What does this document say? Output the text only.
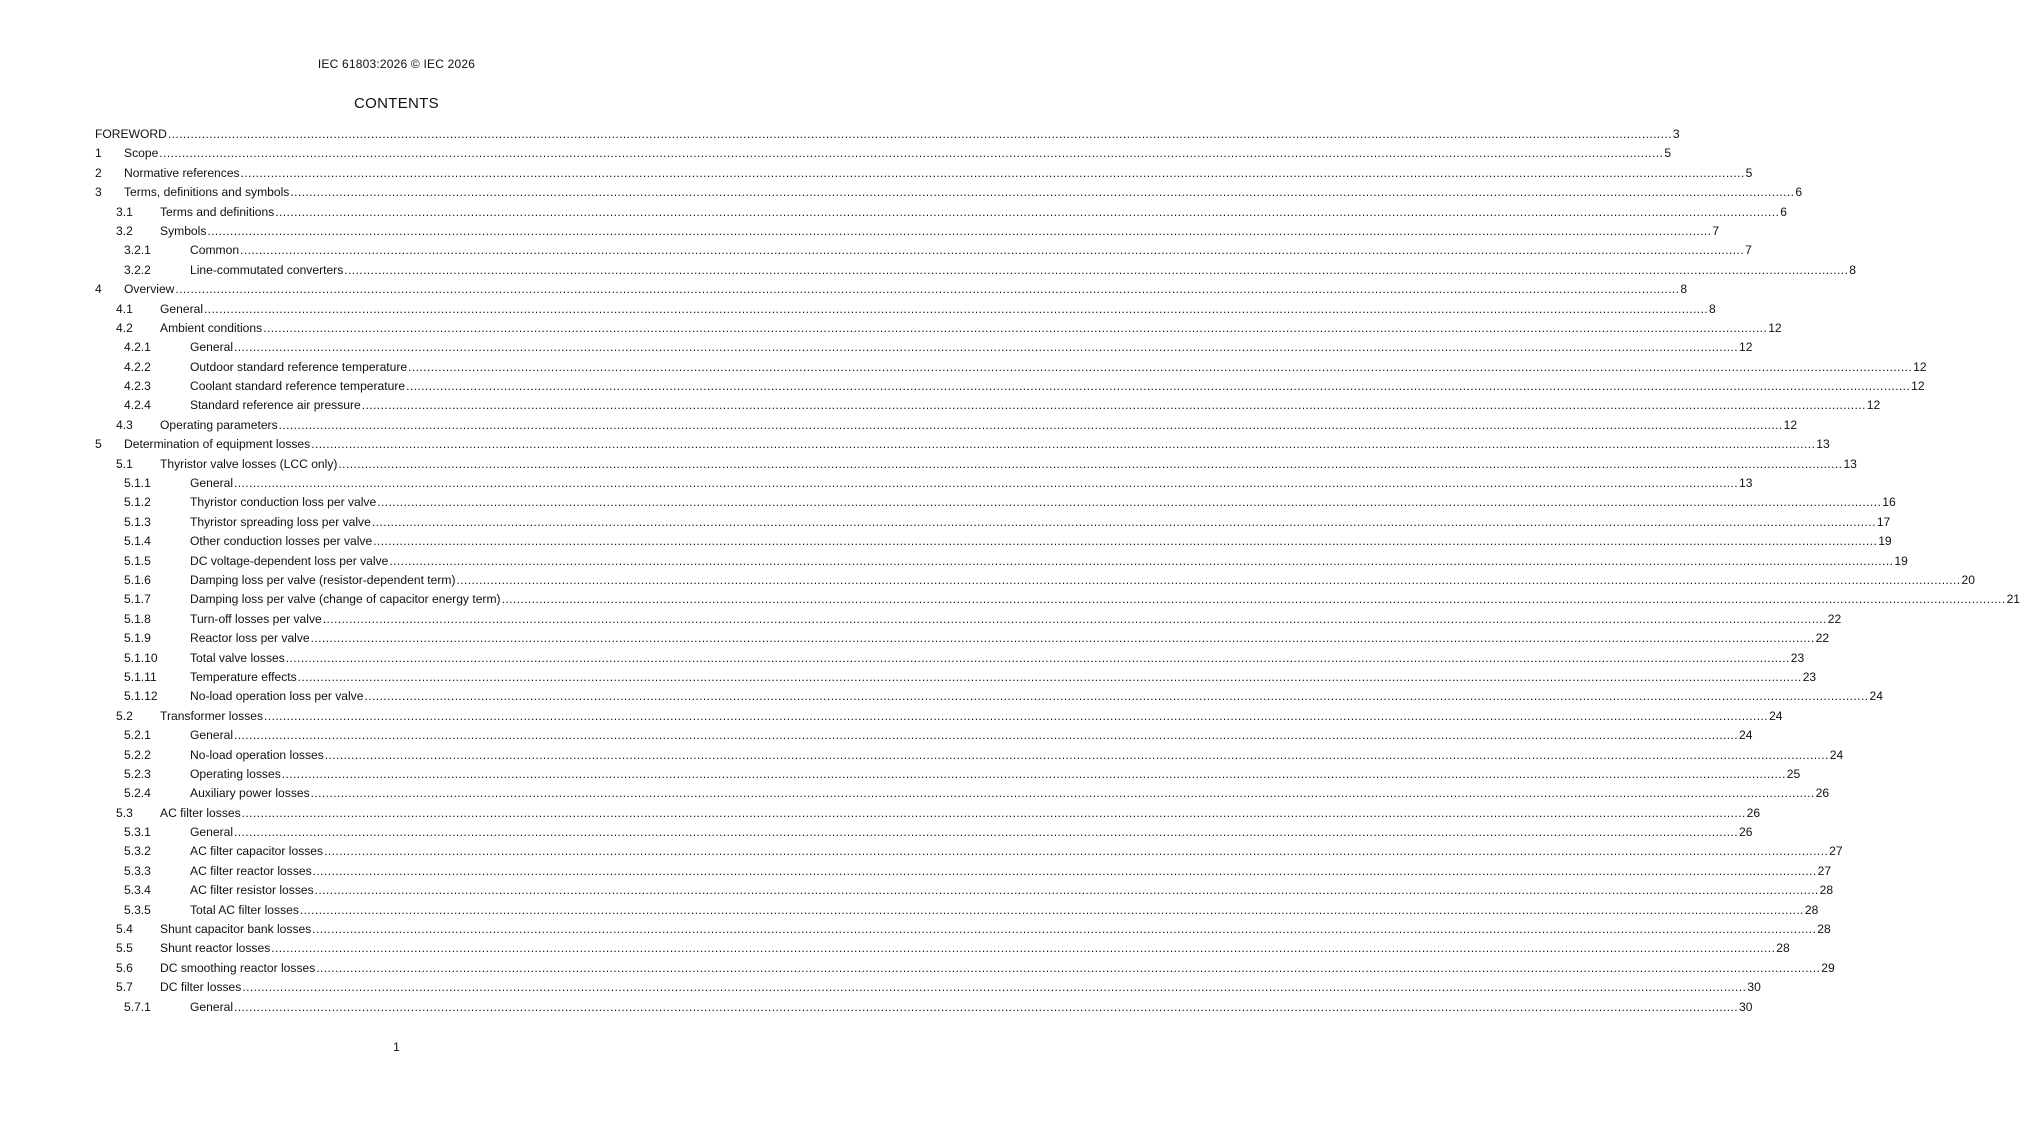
IEC 61803:2026 © IEC 2026
CONTENTS
FOREWORD ................................................................................................................................................................................................................................................................................................................................................................................................................ 3
1 Scope ................................................................................................................................................................................................................................................................................................................................................................................................................ 5
2 Normative references ................................................................................................................................................................................................................................................................................................................................................................................................................ 5
3 Terms, definitions and symbols ................................................................................................................................................................................................................................................................................................................................................................................................................ 6
3.1 Terms and definitions ................................................................................................................................................................................................................................................................................................................................................................................................................ 6
3.2 Symbols ................................................................................................................................................................................................................................................................................................................................................................................................................ 7
3.2.1	Common ................................................................................................................................................................................................................................................................................................................................................................................................................ 7
3.2.2	Line-commutated converters ................................................................................................................................................................................................................................................................................................................................................................................................................ 8
4 Overview ................................................................................................................................................................................................................................................................................................................................................................................................................ 8
4.1 General ................................................................................................................................................................................................................................................................................................................................................................................................................ 8
4.2 Ambient conditions ................................................................................................................................................................................................................................................................................................................................................................................................................ 12
4.2.1	General ................................................................................................................................................................................................................................................................................................................................................................................................................ 12
4.2.2	Outdoor standard reference temperature ................................................................................................................................................................................................................................................................................................................................................................................................................ 12
4.2.3	Coolant standard reference temperature ................................................................................................................................................................................................................................................................................................................................................................................................................ 12
4.2.4	Standard reference air pressure ................................................................................................................................................................................................................................................................................................................................................................................................................ 12
4.3 Operating parameters ................................................................................................................................................................................................................................................................................................................................................................................................................ 12
5 Determination of equipment losses ................................................................................................................................................................................................................................................................................................................................................................................................................ 13
5.1 Thyristor valve losses (LCC only) ................................................................................................................................................................................................................................................................................................................................................................................................................ 13
5.1.1	General ................................................................................................................................................................................................................................................................................................................................................................................................................ 13
5.1.2	Thyristor conduction loss per valve ................................................................................................................................................................................................................................................................................................................................................................................................................ 16
5.1.3	Thyristor spreading loss per valve ................................................................................................................................................................................................................................................................................................................................................................................................................ 17
5.1.4	Other conduction losses per valve ................................................................................................................................................................................................................................................................................................................................................................................................................ 19
5.1.5	DC voltage-dependent loss per valve ................................................................................................................................................................................................................................................................................................................................................................................................................ 19
5.1.6	Damping loss per valve (resistor-dependent term) ................................................................................................................................................................................................................................................................................................................................................................................................................ 20
5.1.7	Damping loss per valve (change of capacitor energy term) ................................................................................................................................................................................................................................................................................................................................................................................................................ 21
5.1.8	Turn-off losses per valve ................................................................................................................................................................................................................................................................................................................................................................................................................ 22
5.1.9	Reactor loss per valve ................................................................................................................................................................................................................................................................................................................................................................................................................ 22
5.1.10	Total valve losses ................................................................................................................................................................................................................................................................................................................................................................................................................ 23
5.1.11	Temperature effects ................................................................................................................................................................................................................................................................................................................................................................................................................ 23
5.1.12	No-load operation loss per valve ................................................................................................................................................................................................................................................................................................................................................................................................................ 24
5.2 Transformer losses ................................................................................................................................................................................................................................................................................................................................................................................................................ 24
5.2.1	General ................................................................................................................................................................................................................................................................................................................................................................................................................ 24
5.2.2	No-load operation losses ................................................................................................................................................................................................................................................................................................................................................................................................................ 24
5.2.3	Operating losses ................................................................................................................................................................................................................................................................................................................................................................................................................ 25
5.2.4	Auxiliary power losses ................................................................................................................................................................................................................................................................................................................................................................................................................ 26
5.3 AC filter losses ................................................................................................................................................................................................................................................................................................................................................................................................................ 26
5.3.1	General ................................................................................................................................................................................................................................................................................................................................................................................................................ 26
5.3.2	AC filter capacitor losses ................................................................................................................................................................................................................................................................................................................................................................................................................ 27
5.3.3	AC filter reactor losses ................................................................................................................................................................................................................................................................................................................................................................................................................ 27
5.3.4	AC filter resistor losses ................................................................................................................................................................................................................................................................................................................................................................................................................ 28
5.3.5	Total AC filter losses ................................................................................................................................................................................................................................................................................................................................................................................................................ 28
5.4 Shunt capacitor bank losses ................................................................................................................................................................................................................................................................................................................................................................................................................ 28
5.5 Shunt reactor losses ................................................................................................................................................................................................................................................................................................................................................................................................................ 28
5.6 DC smoothing reactor losses ................................................................................................................................................................................................................................................................................................................................................................................................................ 29
5.7 DC filter losses ................................................................................................................................................................................................................................................................................................................................................................................................................ 30
5.7.1	General ................................................................................................................................................................................................................................................................................................................................................................................................................ 30
1
